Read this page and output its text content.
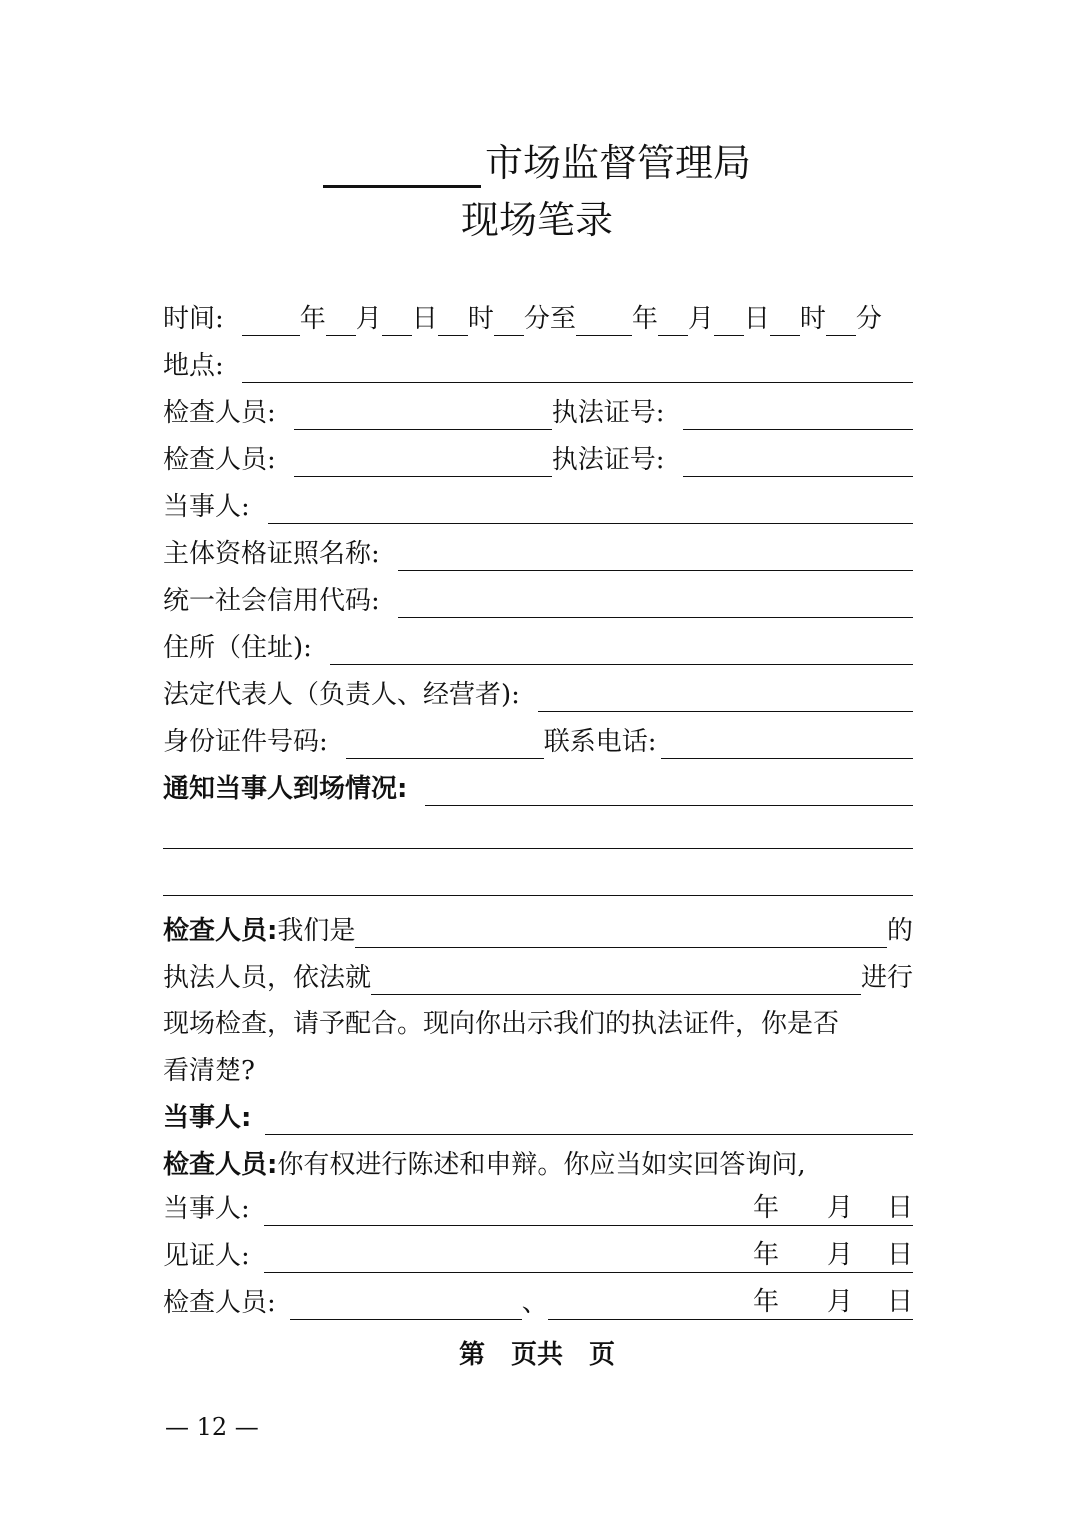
市场监督管理局
现场笔录
时间:	年 月 日 时 分至 年 月 日 时 分
地点:
检查人员:	执法证号:
检查人员:	执法证号:
当事人:
主体资格证照名称:
统一社会信用代码:
住所（住址):
法定代表人（负责人、经营者):
身份证件号码:	联系电话:
通知当事人到场情况:
检查人员: 我们是	的
执法人员，依法就	进行
现场检查，请予配合。现向你出示我们的执法证件，你是否
看清楚?
当事人:
检查人员:你有权进行陈述和申辩。你应当如实回答询问,
当事人:	年 月 日
见证人:	年 月 日
检查人员:	、	年 月 日
第　页共　页
— 12 —
